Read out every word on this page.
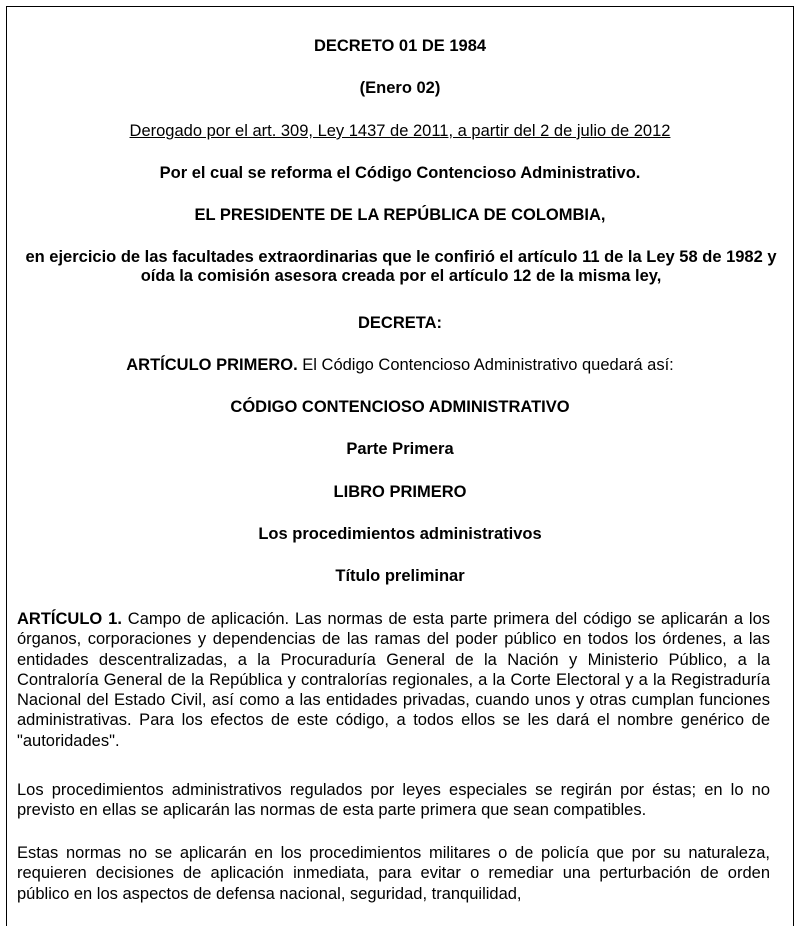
DECRETO 01 DE 1984
(Enero 02)
Derogado por el art. 309, Ley 1437 de 2011, a partir del 2 de julio de 2012
Por el cual se reforma el Código Contencioso Administrativo.
EL PRESIDENTE DE LA REPÚBLICA DE COLOMBIA,
en ejercicio de las facultades extraordinarias que le confirió el artículo 11 de la Ley 58 de 1982 y oída la comisión asesora creada por el artículo 12 de la misma ley,
DECRETA:
ARTÍCULO PRIMERO. El Código Contencioso Administrativo quedará así:
CÓDIGO CONTENCIOSO ADMINISTRATIVO
Parte Primera
LIBRO PRIMERO
Los procedimientos administrativos
Título preliminar
ARTÍCULO 1. Campo de aplicación. Las normas de esta parte primera del código se aplicarán a los órganos, corporaciones y dependencias de las ramas del poder público en todos los órdenes, a las entidades descentralizadas, a la Procuraduría General de la Nación y Ministerio Público, a la Contraloría General de la República y contralorías regionales, a la Corte Electoral y a la Registraduría Nacional del Estado Civil, así como a las entidades privadas, cuando unos y otras cumplan funciones administrativas. Para los efectos de este código, a todos ellos se les dará el nombre genérico de "autoridades".
Los procedimientos administrativos regulados por leyes especiales se regirán por éstas; en lo no previsto en ellas se aplicarán las normas de esta parte primera que sean compatibles.
Estas normas no se aplicarán en los procedimientos militares o de policía que por su naturaleza, requieren decisiones de aplicación inmediata, para evitar o remediar una perturbación de orden público en los aspectos de defensa nacional, seguridad, tranquilidad,
